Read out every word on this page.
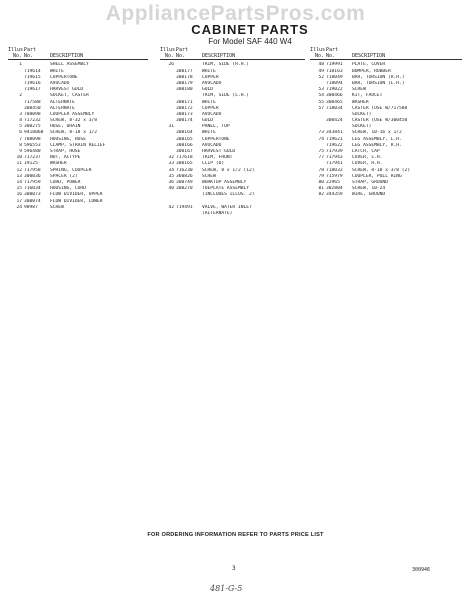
AppliancePartsPros.com
CABINET PARTS
For Model SAF 440 W4
Illus.
Part
No. No.	DESCRIPTION
1	SHELL ASSEMBLY
719614	WHITE
719615	COPPERTONE
719616	AVOCADO
719617	HARVEST GOLD
2	SOCKET, CASTER
717588	ALTERNATE
300450	ALTERNATE
3 708098	COUPLER ASSEMBLY
4 717232	SCREW, 8-32 x 3/8
5 300275	HOSE, DRAIN
6 9418060	SCREW, 8-18 x 1/2
7 708098	HOUSING, HOSE
8 596553	CLAMP, STRAIN RELIEF
9 596480	STRAP, HOSE
10 717237	NUT, ACTYPE
11 19125	WASHER
12 717958	SPRING, COUPLER
13 300036	SPACER (2)
14 717959	CORD, POWER
15 716034	HOUSING, CORD
16 300073	FLOW DIVIDER, UPPER
17 300074	FLOW DIVIDER, LOWER
24 90987	SCREW
Illus.
Part
No. No.	DESCRIPTION
26	TRIM, SIDE (R.H.)
300177	WHITE
300178	COPPER
300179	AVOCADO
300180	GOLD
TRIM, SIDE (L.H.)
300171	WHITE
300172	COPPER
300173	AVOCADO
300174	GOLD
31	PANEL, TOP
300164	WHITE
300165	COPPERTONE
300166	AVOCADO
300167	HARVEST GOLD
32 717618	TRIM, FRONT
33 300165	CLIP (6)
34 716230	SCREW, 8 x 1/2 (12)
35 360826	SCREW
36 300749	WORKTOP ASSEMBLY
40 300270	TOEPLATE ASSEMBLY
(INCLUDES ILLUS. 2)
42 719491	VALVE, WATER INLET
(ALTERNATE)
Illus.
Part
No. No.	DESCRIPTION
48 719991	PLATE, COVER
49 718163	BUMPER, RUBBER
52 718049	BAR, TORSION (R.H.)
718094	BAR, TORSION (L.H.)
53 719022	SCREW
54 300466	KIT, FAUCET
55 300465	WASHER
57 718034	CASTER (USE W/717588
SOCKET)
300424	CASTER (USE W/300450
SOCKET)
73 343841	SCREW, 10-16 x 1/2
74 719621	LEG ASSEMBLY, L.H.
719622	LEG ASSEMBLY, R.H.
75 717939	LATCH, CAP
77 717943	COVER, L.H.
717941	COVER, R.H.
78 718032	SCREW, 8-18 x 3/8 (2)
79 715979	COUPLER, PULL RING
80 22965	STRAP, GROUND
81 302804	SCREW, 10-24
82 344359	WIRE, GROUND
FOR ORDERING INFORMATION REFER TO PARTS PRICE LIST
3	300946
481-G-5
